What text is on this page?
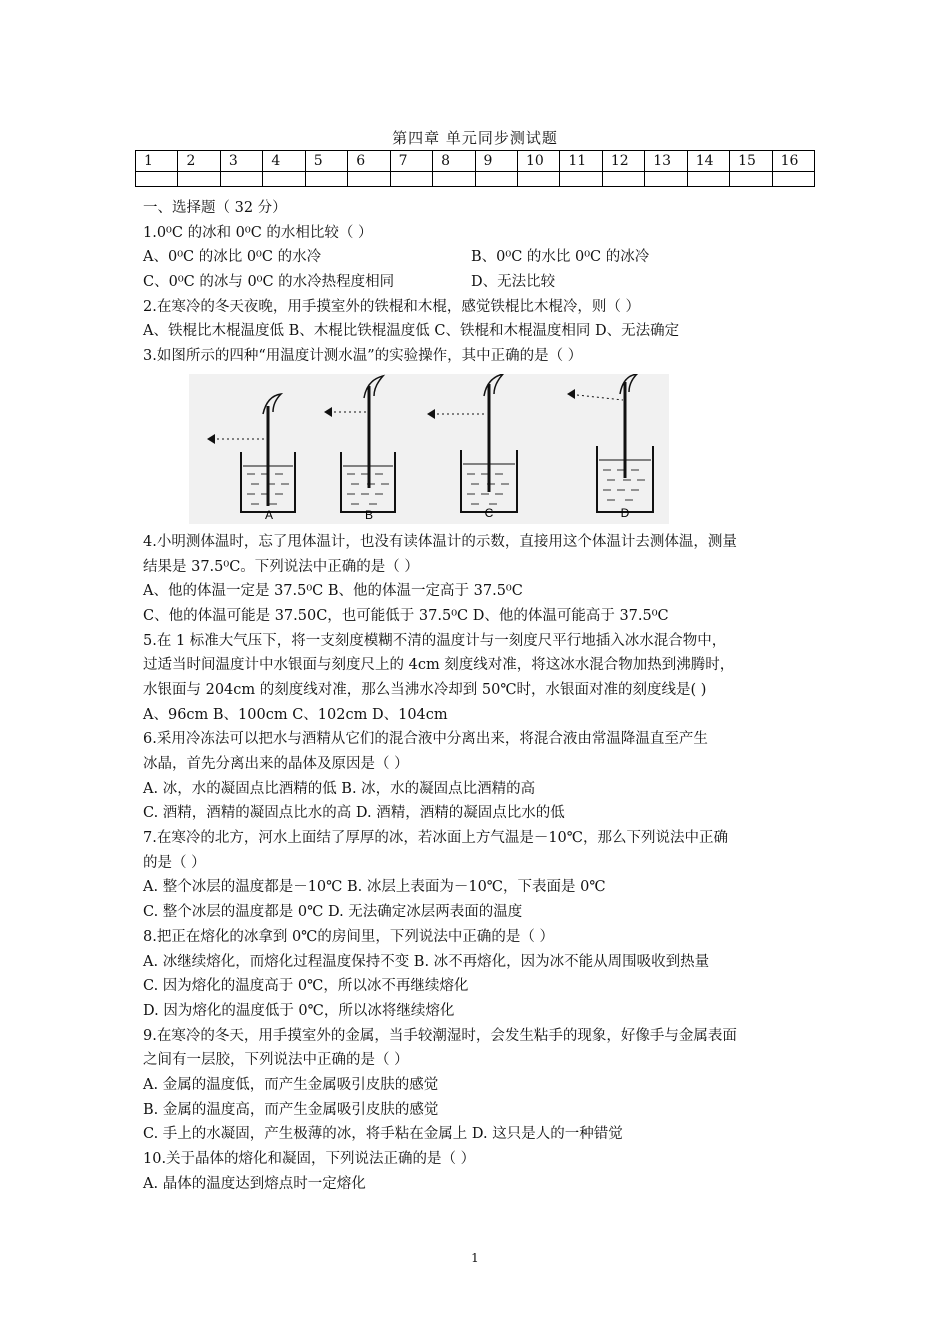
第四章 单元同步测试题
1	2	3	4	5	6	7	8	9	10	11	12	13	14	15	16

一、选择题（ 32 分）
1.0⁰C 的冰和 0⁰C 的水相比较（ ）
A、0⁰C 的冰比 0⁰C 的水冷	B、0⁰C 的水比 0⁰C 的冰冷
C、0⁰C 的冰与 0⁰C 的水冷热程度相同	D、无法比较
2.在寒冷的冬天夜晚，用手摸室外的铁棍和木棍，感觉铁棍比木棍冷，则（ ）
A、铁棍比木棍温度低 B、木棍比铁棍温度低 C、铁棍和木棍温度相同 D、无法确定
3.如图所示的四种“用温度计测水温”的实验操作，其中正确的是（ ）
A	B	C	D
4.小明测体温时，忘了甩体温计，也没有读体温计的示数，直接用这个体温计去测体温，测量
结果是 37.5⁰C。下列说法中正确的是（ ）
A、他的体温一定是 37.5⁰C B、他的体温一定高于 37.5⁰C
C、他的体温可能是 37.50C，也可能低于 37.5⁰C D、他的体温可能高于 37.5⁰C
5.在 1 标准大气压下，将一支刻度模糊不清的温度计与一刻度尺平行地插入冰水混合物中，
过适当时间温度计中水银面与刻度尺上的 4cm 刻度线对准，将这冰水混合物加热到沸腾时，
水银面与 204cm 的刻度线对准，那么当沸水冷却到 50℃时，水银面对准的刻度线是( )
A、96cm B、100cm C、102cm D、104cm
6.采用冷冻法可以把水与酒精从它们的混合液中分离出来，将混合液由常温降温直至产生
冰晶，首先分离出来的晶体及原因是（ ）
A. 冰，水的凝固点比酒精的低 B. 冰，水的凝固点比酒精的高
C. 酒精，酒精的凝固点比水的高 D. 酒精，酒精的凝固点比水的低
7.在寒冷的北方，河水上面结了厚厚的冰，若冰面上方气温是－10℃，那么下列说法中正确
的是（ ）
A. 整个冰层的温度都是－10℃ B. 冰层上表面为－10℃，下表面是 0℃
C. 整个冰层的温度都是 0℃ D. 无法确定冰层两表面的温度
8.把正在熔化的冰拿到 0℃的房间里，下列说法中正确的是（ ）
A. 冰继续熔化，而熔化过程温度保持不变 B. 冰不再熔化，因为冰不能从周围吸收到热量
C. 因为熔化的温度高于 0℃，所以冰不再继续熔化
D. 因为熔化的温度低于 0℃，所以冰将继续熔化
9.在寒冷的冬天，用手摸室外的金属，当手较潮湿时，会发生粘手的现象，好像手与金属表面
之间有一层胶，下列说法中正确的是（ ）
A. 金属的温度低，而产生金属吸引皮肤的感觉
B. 金属的温度高，而产生金属吸引皮肤的感觉
C. 手上的水凝固，产生极薄的冰，将手粘在金属上 D. 这只是人的一种错觉
10.关于晶体的熔化和凝固，下列说法正确的是（ ）
A. 晶体的温度达到熔点时一定熔化
1
